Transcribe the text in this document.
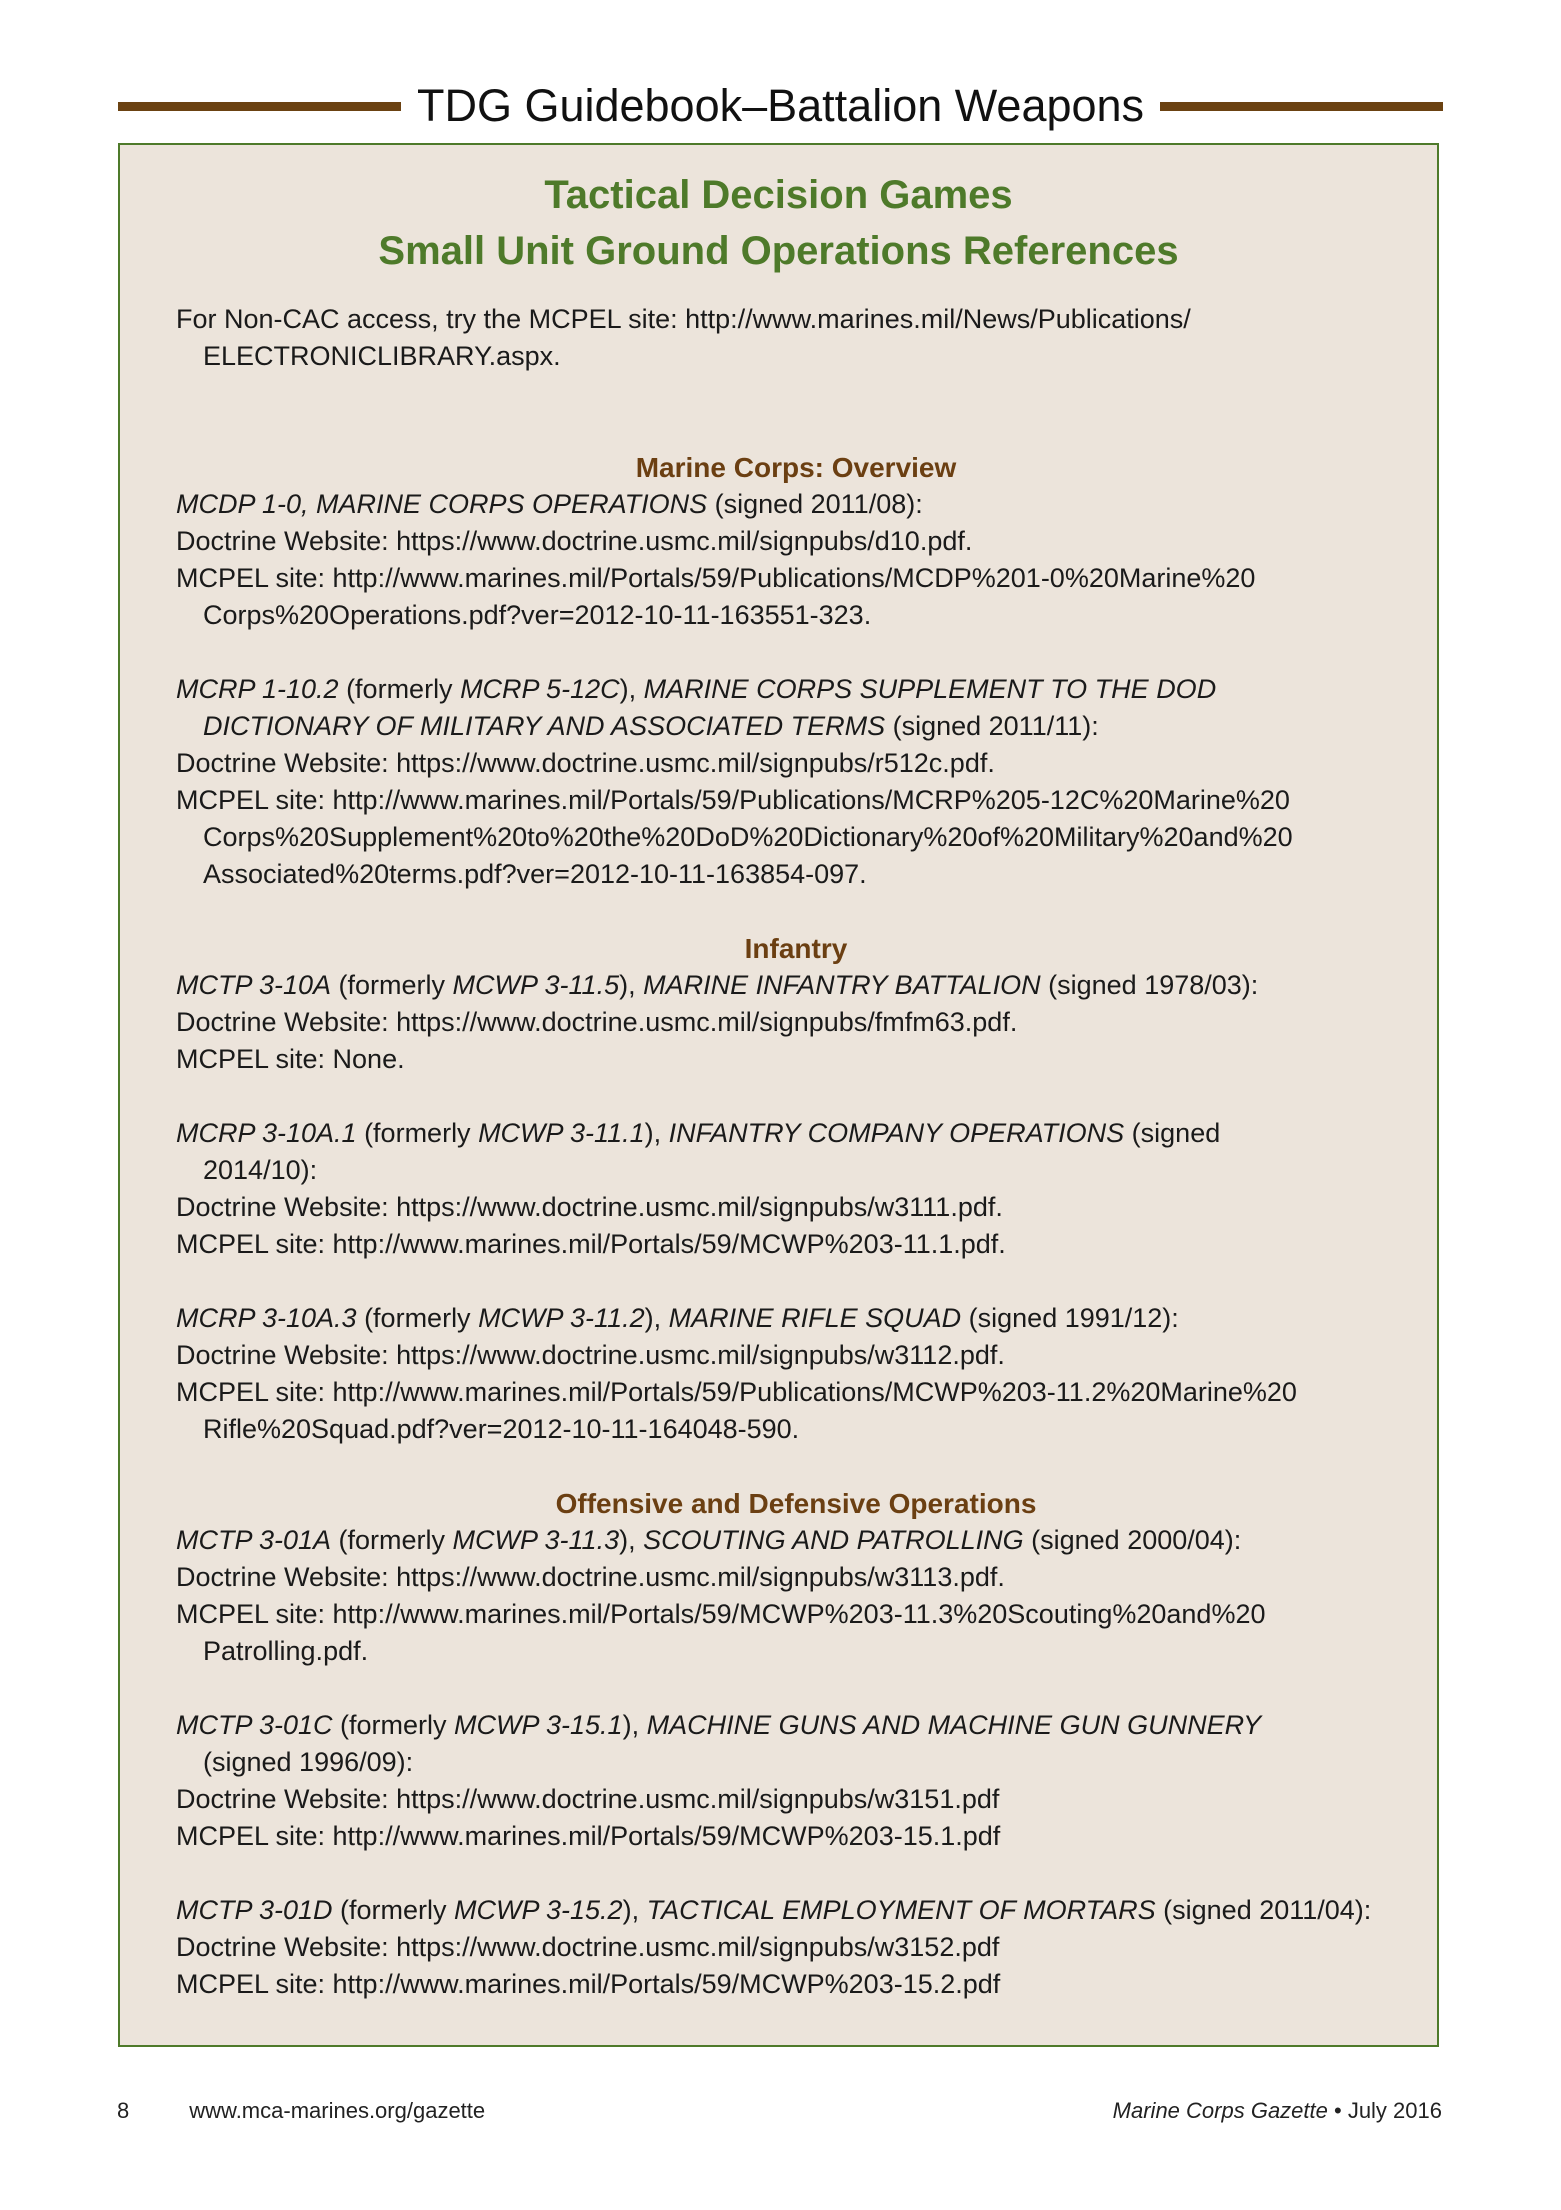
TDG Guidebook–Battalion Weapons
Tactical Decision Games
Small Unit Ground Operations References
For Non-CAC access, try the MCPEL site: http://www.marines.mil/News/Publications/
ELECTRONICLIBRARY.aspx.
Marine Corps: Overview
MCDP 1-0, MARINE CORPS OPERATIONS (signed 2011/08):
Doctrine Website: https://www.doctrine.usmc.mil/signpubs/d10.pdf.
MCPEL site: http://www.marines.mil/Portals/59/Publications/MCDP%201-0%20Marine%20
Corps%20Operations.pdf?ver=2012-10-11-163551-323.
MCRP 1-10.2 (formerly MCRP 5-12C), MARINE CORPS SUPPLEMENT TO THE DOD
DICTIONARY OF MILITARY AND ASSOCIATED TERMS (signed 2011/11):
Doctrine Website: https://www.doctrine.usmc.mil/signpubs/r512c.pdf.
MCPEL site: http://www.marines.mil/Portals/59/Publications/MCRP%205-12C%20Marine%20
Corps%20Supplement%20to%20the%20DoD%20Dictionary%20of%20Military%20and%20
Associated%20terms.pdf?ver=2012-10-11-163854-097.
Infantry
MCTP 3-10A (formerly MCWP 3-11.5), MARINE INFANTRY BATTALION (signed 1978/03):
Doctrine Website: https://www.doctrine.usmc.mil/signpubs/fmfm63.pdf.
MCPEL site: None.
MCRP 3-10A.1 (formerly MCWP 3-11.1), INFANTRY COMPANY OPERATIONS (signed
2014/10):
Doctrine Website: https://www.doctrine.usmc.mil/signpubs/w3111.pdf.
MCPEL site: http://www.marines.mil/Portals/59/MCWP%203-11.1.pdf.
MCRP 3-10A.3 (formerly MCWP 3-11.2), MARINE RIFLE SQUAD (signed 1991/12):
Doctrine Website: https://www.doctrine.usmc.mil/signpubs/w3112.pdf.
MCPEL site: http://www.marines.mil/Portals/59/Publications/MCWP%203-11.2%20Marine%20
Rifle%20Squad.pdf?ver=2012-10-11-164048-590.
Offensive and Defensive Operations
MCTP 3-01A (formerly MCWP 3-11.3), SCOUTING AND PATROLLING (signed 2000/04):
Doctrine Website: https://www.doctrine.usmc.mil/signpubs/w3113.pdf.
MCPEL site: http://www.marines.mil/Portals/59/MCWP%203-11.3%20Scouting%20and%20
Patrolling.pdf.
MCTP 3-01C (formerly MCWP 3-15.1), MACHINE GUNS AND MACHINE GUN GUNNERY
(signed 1996/09):
Doctrine Website: https://www.doctrine.usmc.mil/signpubs/w3151.pdf
MCPEL site: http://www.marines.mil/Portals/59/MCWP%203-15.1.pdf
MCTP 3-01D (formerly MCWP 3-15.2), TACTICAL EMPLOYMENT OF MORTARS (signed 2011/04):
Doctrine Website: https://www.doctrine.usmc.mil/signpubs/w3152.pdf
MCPEL site: http://www.marines.mil/Portals/59/MCWP%203-15.2.pdf
8	www.mca-marines.org/gazette	Marine Corps Gazette • July 2016
